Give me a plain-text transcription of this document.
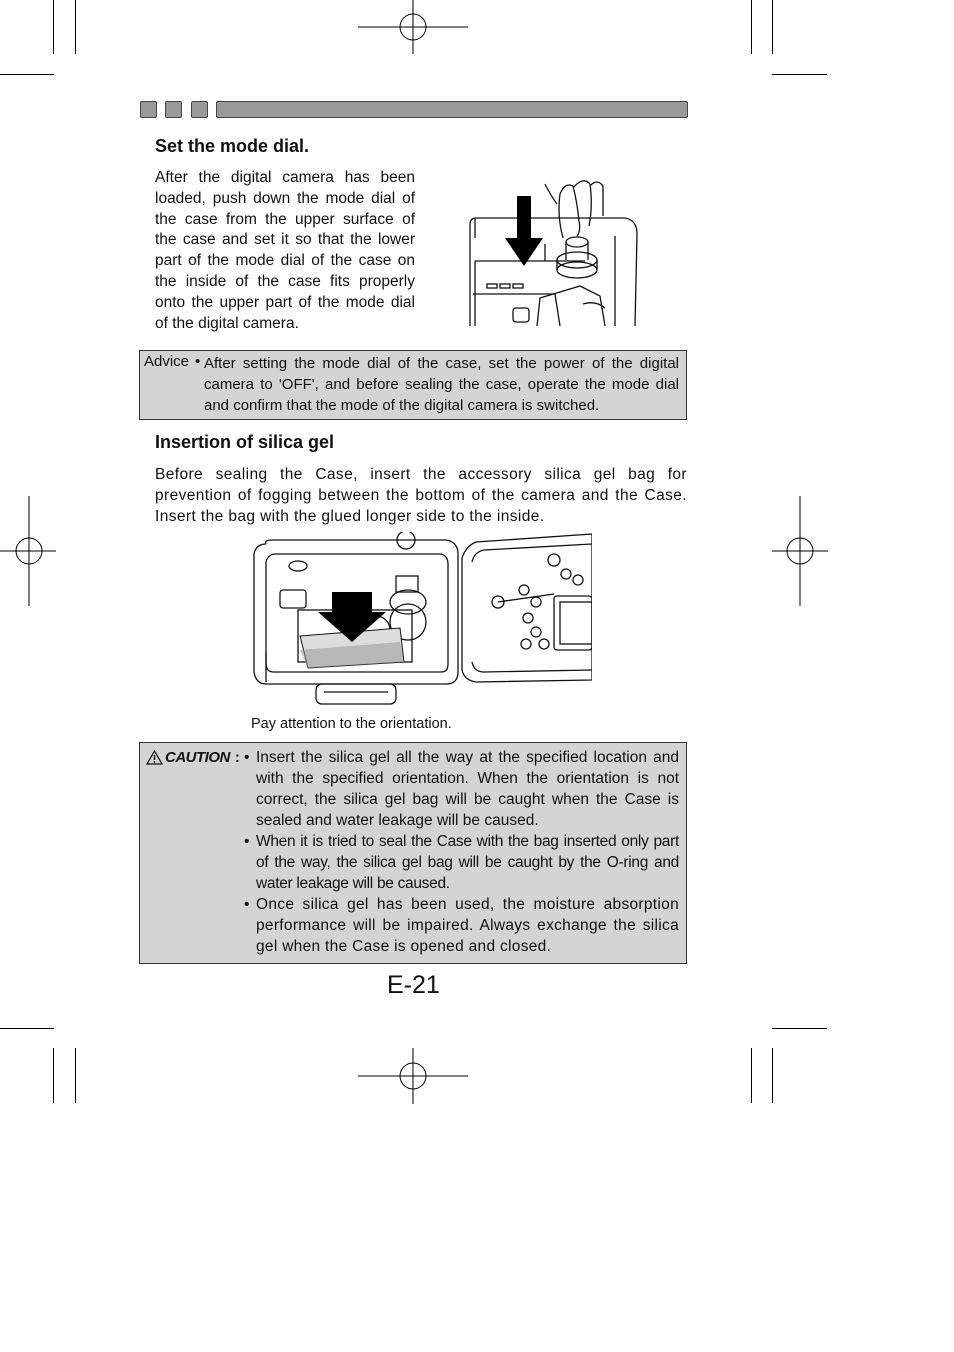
Set the mode dial.
After the digital camera has been loaded, push down the mode dial of the case from the upper surface of the case and set it so that the lower part of the mode dial of the case on the inside of the case fits properly onto the upper part of the mode dial of the digital camera.
Advice • After setting the mode dial of the case, set the power of the digital camera to 'OFF', and before sealing the case, operate the mode dial and confirm that the mode of the digital camera is switched.
Insertion of silica gel
Before sealing the Case, insert the accessory silica gel bag for prevention of fogging between the bottom of the camera and the Case. Insert the bag with the glued longer side to the inside.
Pay attention to the orientation.
CAUTION : • Insert the silica gel all the way at the specified location and with the specified orientation. When the orientation is not correct, the silica gel bag will be caught when the Case is sealed and water leakage will be caused.
• When it is tried to seal the Case with the bag inserted only part of the way, the silica gel bag will be caught by the O-ring and water leakage will be caused.
• Once silica gel has been used, the moisture absorption performance will be impaired. Always exchange the silica gel when the Case is opened and closed.
E-21
